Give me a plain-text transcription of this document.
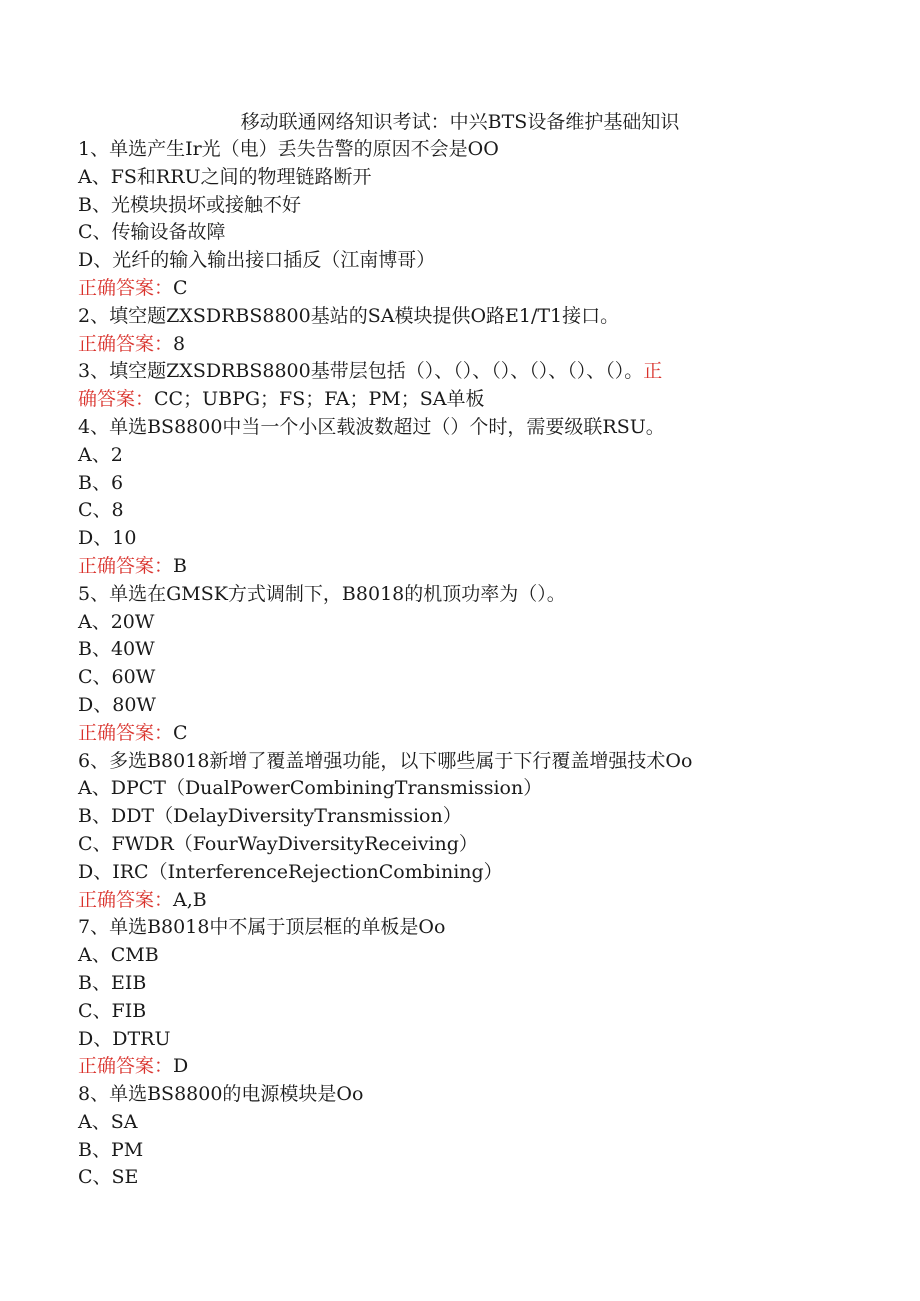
移动联通网络知识考试：中兴BTS设备维护基础知识
1、单选产生Ir光（电）丢失告警的原因不会是OO
A、FS和RRU之间的物理链路断开
B、光模块损坏或接触不好
C、传输设备故障
D、光纤的输入输出接口插反（江南博哥）
正确答案：C
2、填空题ZXSDRBS8800基站的SA模块提供O路E1/T1接口。
正确答案：8
3、填空题ZXSDRBS8800基带层包括（）、（）、（）、（）、（）、（）。正
确答案：CC；UBPG；FS；FA；PM；SA单板
4、单选BS8800中当一个小区载波数超过（）个时，需要级联RSU。
A、2
B、6
C、8
D、10
正确答案：B
5、单选在GMSK方式调制下，B8018的机顶功率为（）。
A、20W
B、40W
C、60W
D、80W
正确答案：C
6、多选B8018新增了覆盖增强功能，以下哪些属于下行覆盖增强技术Oo
A、DPCT（DualPowerCombiningTransmission）
B、DDT（DelayDiversityTransmission）
C、FWDR（FourWayDiversityReceiving）
D、IRC（InterferenceRejectionCombining）
正确答案：A,B
7、单选B8018中不属于顶层框的单板是Oo
A、CMB
B、EIB
C、FIB
D、DTRU
正确答案：D
8、单选BS8800的电源模块是Oo
A、SA
B、PM
C、SE
